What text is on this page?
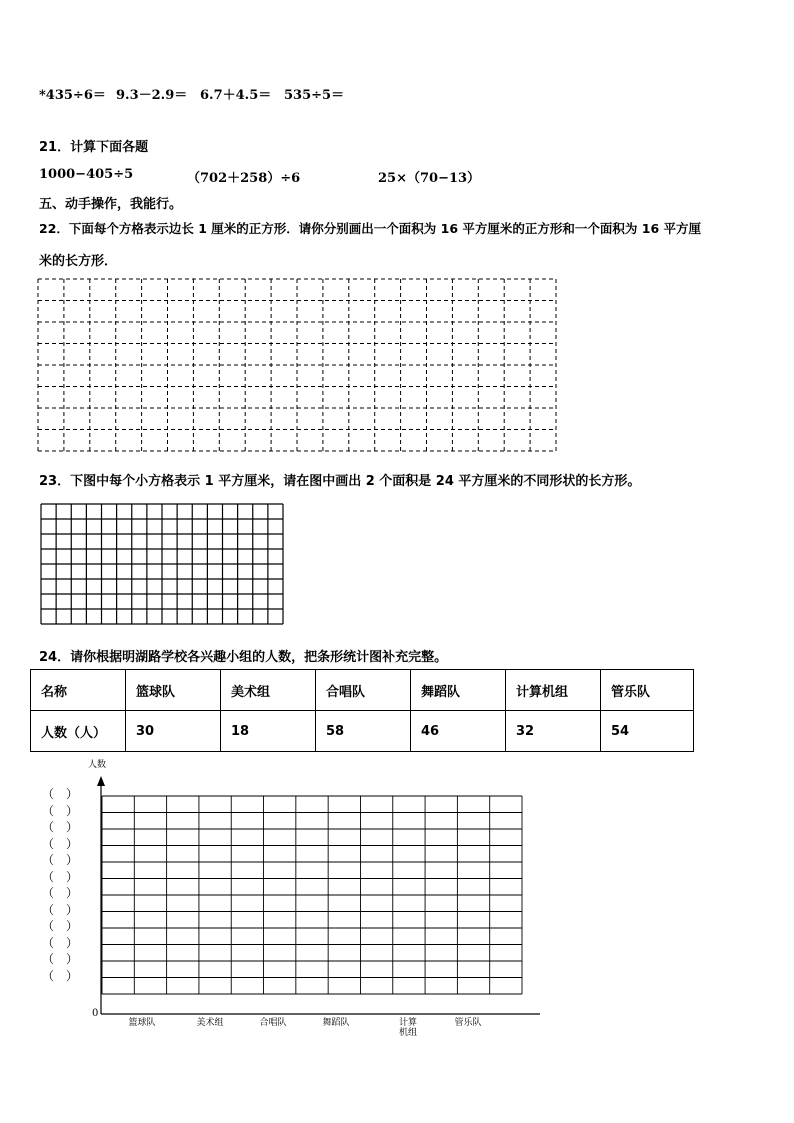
*435÷6＝ 9.3－2.9＝ 6.7＋4.5＝ 535÷5＝
21．计算下面各题
1000−405÷5	（702＋258）÷6	25×（70−13）
五、动手操作，我能行。
22．下面每个方格表示边长 1 厘米的正方形．请你分别画出一个面积为 16 平方厘米的正方形和一个面积为 16 平方厘
米的长方形．
23．下图中每个小方格表示 1 平方厘米，请在图中画出 2 个面积是 24 平方厘米的不同形状的长方形。
24．请你根据明湖路学校各兴趣小组的人数，把条形统计图补充完整。
名称	篮球队	美术组	合唱队	舞蹈队	计算机组	管乐队
人数（人）	30	18	58	46	32	54
人数
0
（　）
（　）
（　）
（　）
（　）
（　）
（　）
（　）
（　）
（　）
（　）
（　）
篮球队	美术组	合唱队	舞蹈队	计算
机组
管乐队
